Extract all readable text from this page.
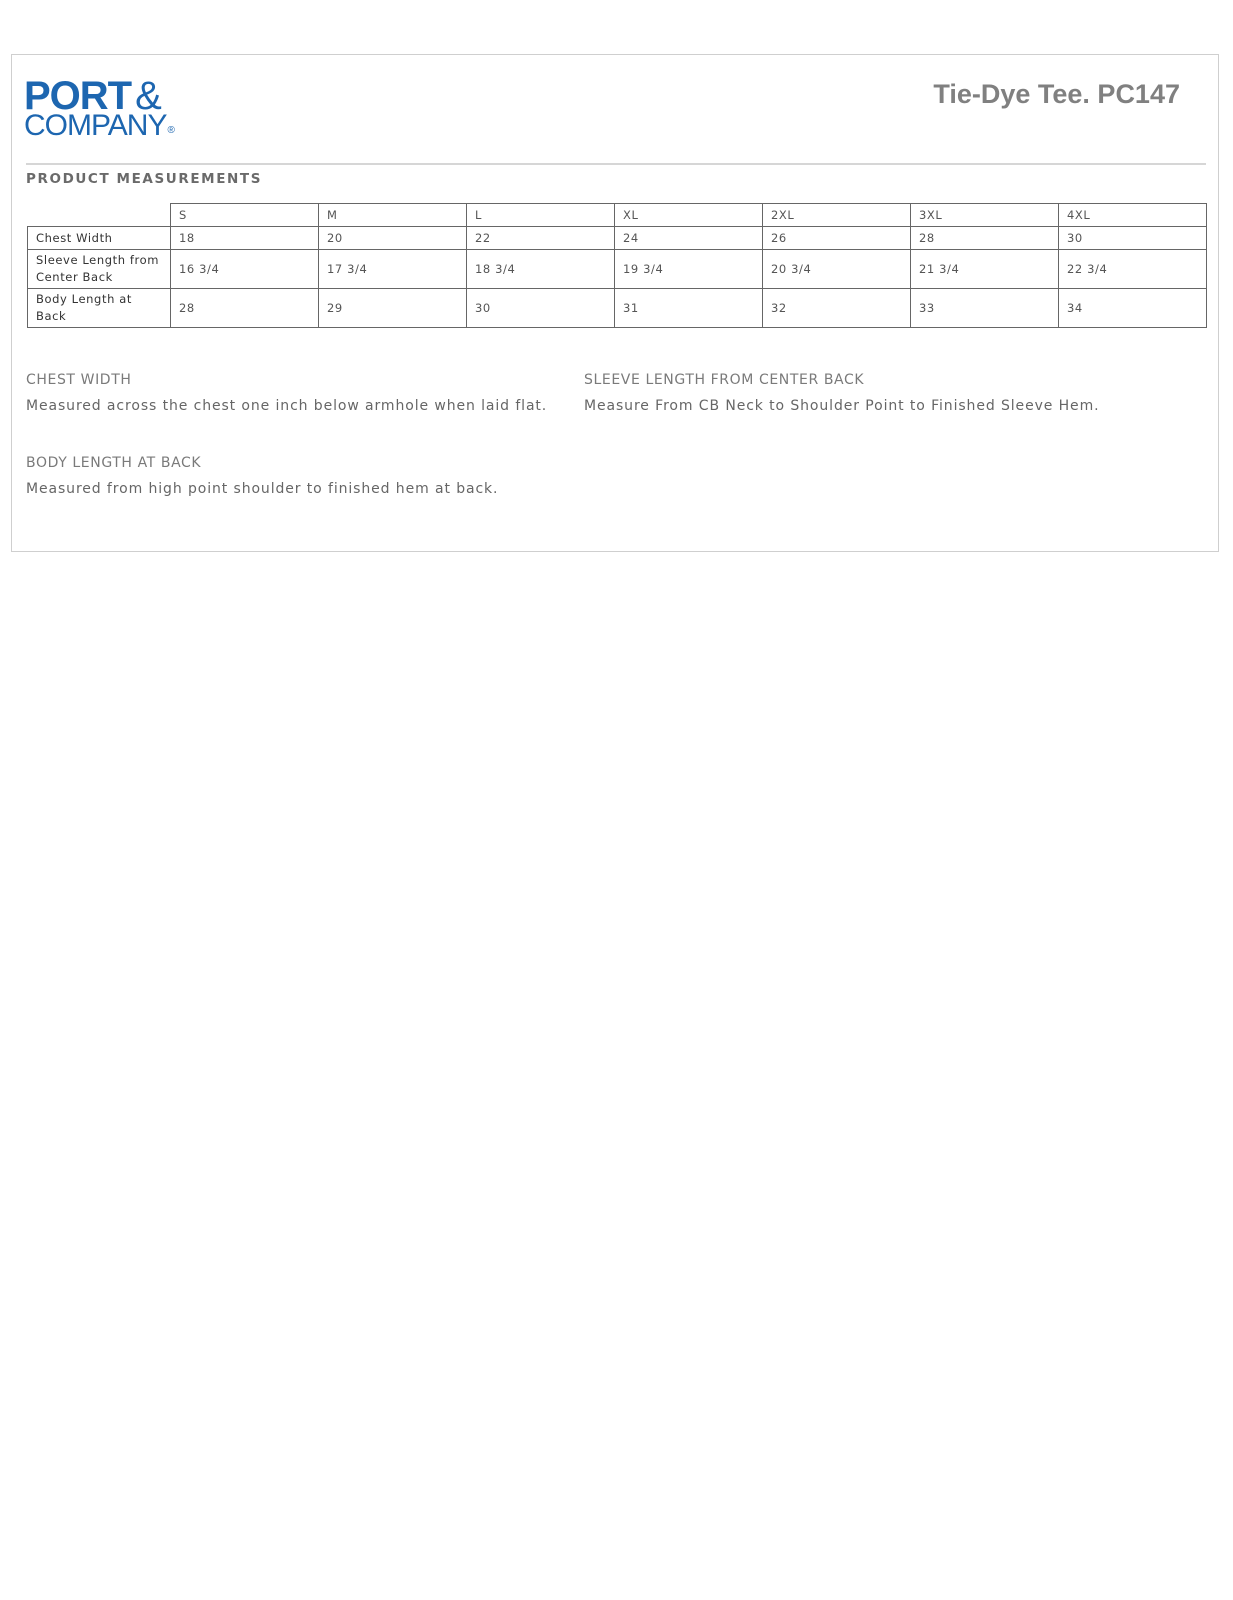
PORT &
COMPANY®
Tie-Dye Tee. PC147
PRODUCT MEASUREMENTS
	S	M	L	XL	2XL	3XL	4XL
Chest Width	18	20	22	24	26	28	30
Sleeve Length from
Center Back	16 3/4	17 3/4	18 3/4	19 3/4	20 3/4	21 3/4	22 3/4
Body Length at
Back	28	29	30	31	32	33	34
CHEST WIDTH

Measured across the chest one inch below armhole when laid flat.

SLEEVE LENGTH FROM CENTER BACK

Measure From CB Neck to Shoulder Point to Finished Sleeve Hem.

BODY LENGTH AT BACK

Measured from high point shoulder to finished hem at back.
